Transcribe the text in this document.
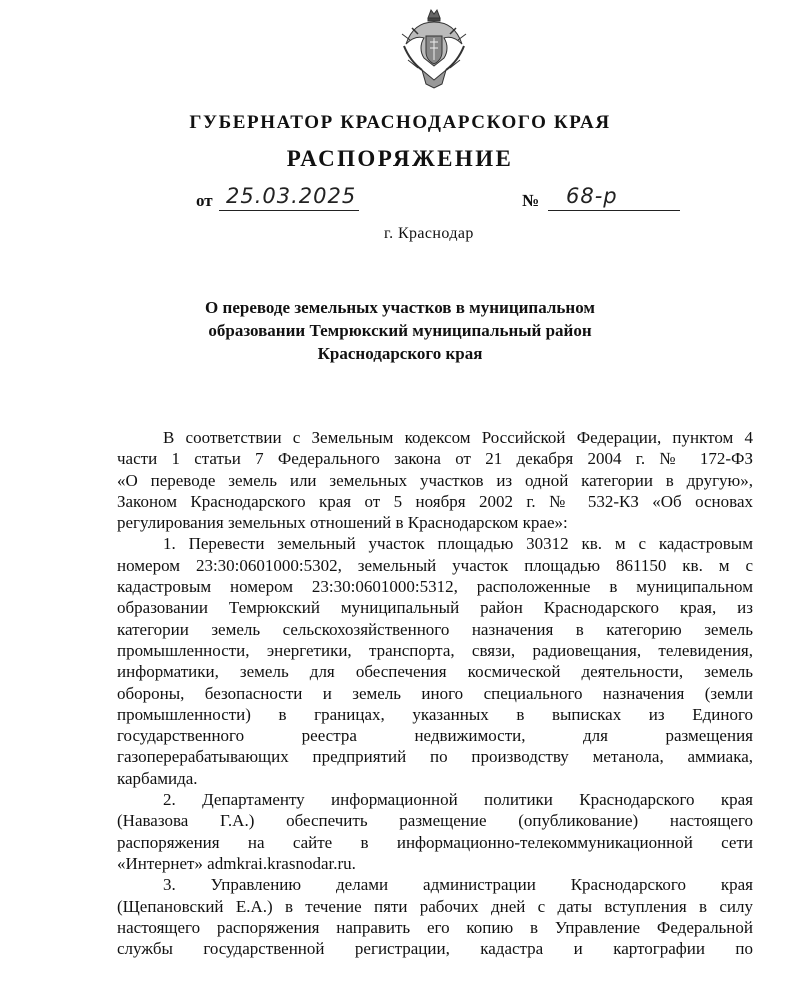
ГУБЕРНАТОР КРАСНОДАРСКОГО КРАЯ
РАСПОРЯЖЕНИЕ
от 25.03.2025	№ 68-р
г. Краснодар
О переводе земельных участков в муниципальном
образовании Темрюкский муниципальный район
Краснодарского края
В соответствии с Земельным кодексом Российской Федерации, пунктом 4
части 1 статьи 7 Федерального закона от 21 декабря 2004 г. № 172-ФЗ
«О переводе земель или земельных участков из одной категории в другую»,
Законом Краснодарского края от 5 ноября 2002 г. № 532-КЗ «Об основах
регулирования земельных отношений в Краснодарском крае»:
1. Перевести земельный участок площадью 30312 кв. м с кадастровым
номером 23:30:0601000:5302, земельный участок площадью 861150 кв. м с
кадастровым номером 23:30:0601000:5312, расположенные в муниципальном
образовании Темрюкский муниципальный район Краснодарского края, из
категории земель сельскохозяйственного назначения в категорию земель
промышленности, энергетики, транспорта, связи, радиовещания, телевидения,
информатики, земель для обеспечения космической деятельности, земель
обороны, безопасности и земель иного специального назначения (земли
промышленности) в границах, указанных в выписках из Единого
государственного реестра недвижимости, для размещения
газоперерабатывающих предприятий по производству метанола, аммиака,
карбамида.
2. Департаменту информационной политики Краснодарского края
(Навазова Г.А.) обеспечить размещение (опубликование) настоящего
распоряжения на сайте в информационно-телекоммуникационной сети
«Интернет» admkrai.krasnodar.ru.
3. Управлению делами администрации Краснодарского края
(Щепановский Е.А.) в течение пяти рабочих дней с даты вступления в силу
настоящего распоряжения направить его копию в Управление Федеральной
службы государственной регистрации, кадастра и картографии по
